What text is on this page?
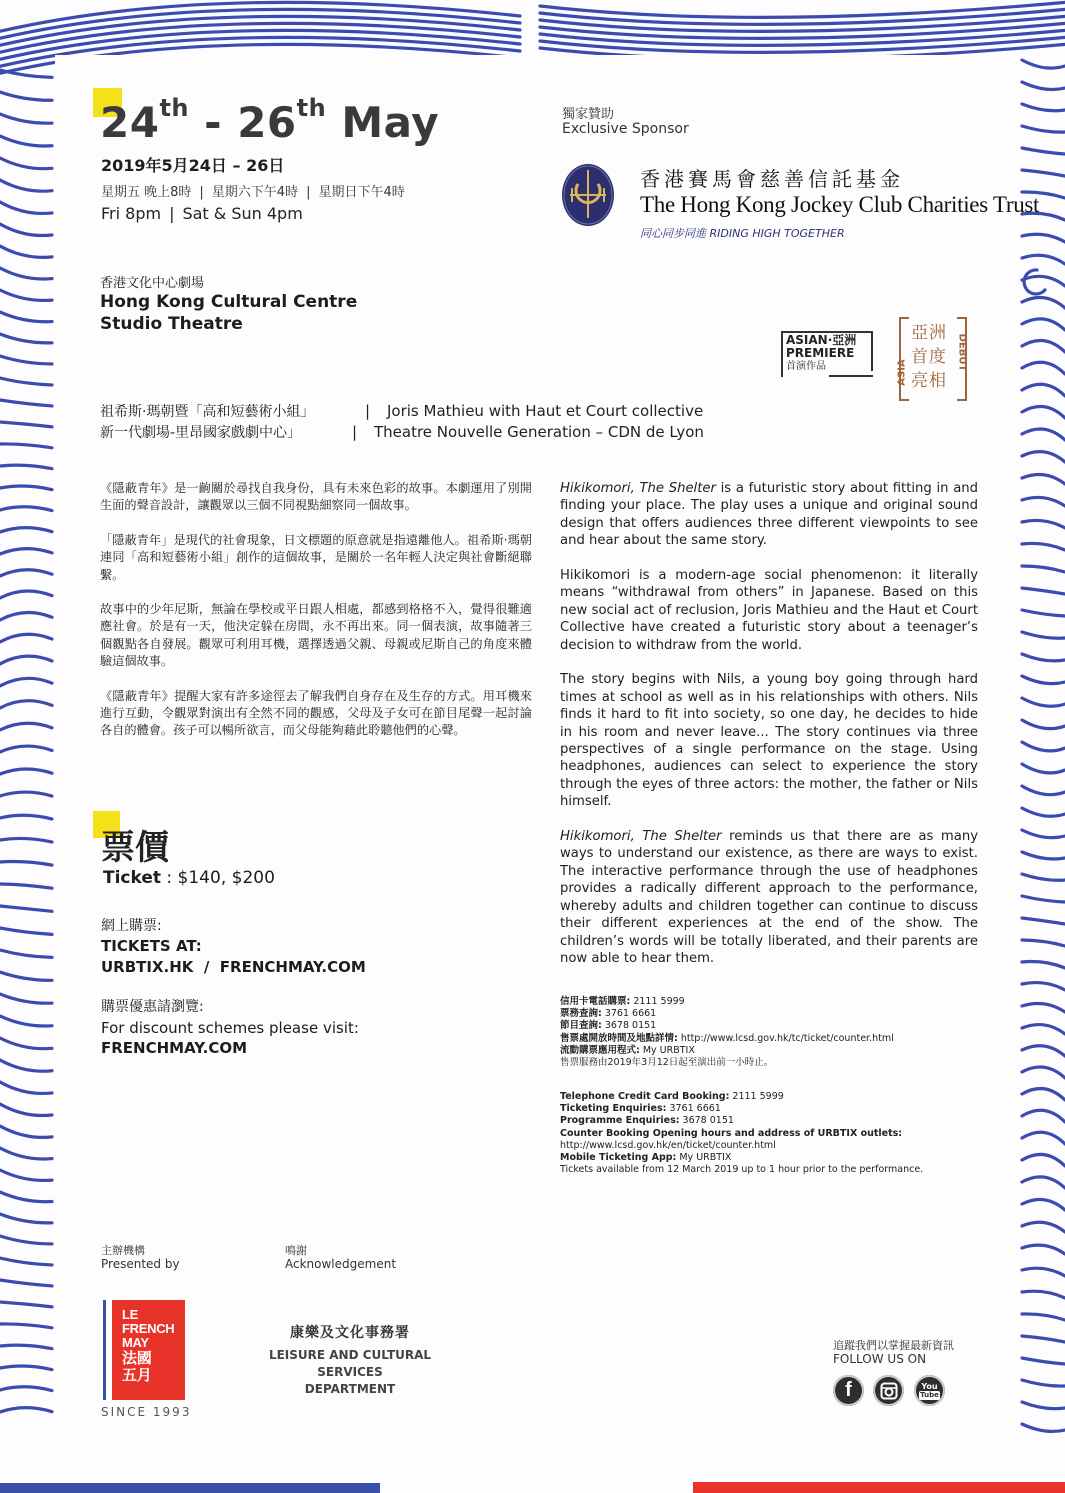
24th - 26th May
2019年5月24日 – 26日
星期五 晚上8時 | 星期六下午4時 | 星期日下午4時
Fri 8pm | Sat & Sun 4pm
獨家贊助
Exclusive Sponsor
香港賽馬會慈善信託基金
The Hong Kong Jockey Club Charities Trust
同心同步同進 RIDING HIGH TOGETHER
香港文化中心劇場
Hong Kong Cultural Centre
Studio Theatre
ASIAN·亞洲
PREMIERE
首演作品	ASIA
DEBUT
亞洲
首度
亮相
祖希斯·瑪朝暨「高和短藝術小組」	| Joris Mathieu with Haut et Court collective
新一代劇場-里昂國家戲劇中心」	| Theatre Nouvelle Generation – CDN de Lyon

《隱蔽青年》是一齣關於尋找自我身份，具有未來色彩的故事。本劇運用了別開生面的聲音設計，讓觀眾以三個不同視點細察同一個故事。

「隱蔽青年」是現代的社會現象，日文標題的原意就是指遠離他人。祖希斯·瑪朝連同「高和短藝術小組」創作的這個故事，是關於一名年輕人決定與社會斷絕聯繫。

故事中的少年尼斯，無論在學校或平日跟人相處，都感到格格不入，覺得很難適應社會。於是有一天，他決定躲在房間，永不再出來。同一個表演，故事隨著三個觀點各自發展。觀眾可利用耳機，選擇透過父親、母親或尼斯自己的角度來體驗這個故事。

《隱蔽青年》提醒大家有許多途徑去了解我們自身存在及生存的方式。用耳機來進行互動，令觀眾對演出有全然不同的觀感，父母及子女可在節目尾聲一起討論各自的體會。孩子可以暢所欲言，而父母能夠藉此聆聽他們的心聲。

Hikikomori, The Shelter is a futuristic story about fitting in and finding your place. The play uses a unique and original sound design that offers audiences three different viewpoints to see and hear about the same story.

Hikikomori is a modern-age social phenomenon: it literally means “withdrawal from others” in Japanese. Based on this new social act of reclusion, Joris Mathieu and the Haut et Court Collective have created a futuristic story about a teenager’s decision to withdraw from the world.

The story begins with Nils, a young boy going through hard times at school as well as in his relationships with others. Nils finds it hard to fit into society, so one day, he decides to hide in his room and never leave... The story continues via three perspectives of a single performance on the stage. Using headphones, audiences can select to experience the story through the eyes of three actors: the mother, the father or Nils himself.

Hikikomori, The Shelter reminds us that there are as many ways to understand our existence, as there are ways to exist. The interactive performance through the use of headphones provides a radically different approach to the performance, whereby adults and children together can continue to discuss their different experiences at the end of the show. The children’s words will be totally liberated, and their parents are now able to hear them.

票價
Ticket : $140, $200
網上購票:
TICKETS AT:
URBTIX.HK  /  FRENCHMAY.COM
購票優惠請瀏覽:
For discount schemes please visit:
FRENCHMAY.COM
信用卡電話購票: 2111 5999
票務查詢: 3761 6661
節目查詢: 3678 0151
售票處開放時間及地點詳情: http://www.lcsd.gov.hk/tc/ticket/counter.html
流動購票應用程式: My URBTIX
售票服務由2019年3月12日起至演出前一小時止。
Telephone Credit Card Booking: 2111 5999
Ticketing Enquiries: 3761 6661
Programme Enquiries: 3678 0151
Counter Booking Opening hours and address of URBTIX outlets:
http://www.lcsd.gov.hk/en/ticket/counter.html
Mobile Ticketing App: My URBTIX
Tickets available from 12 March 2019 up to 1 hour prior to the performance.
主辦機構
Presented by
鳴謝
Acknowledgement
LE
FRENCH
MAY
法國
五月
SINCE 1993
康樂及文化事務署
LEISURE AND CULTURAL SERVICES
DEPARTMENT
追蹤我們以掌握最新資訊
FOLLOW US ON
f	You
Tube
